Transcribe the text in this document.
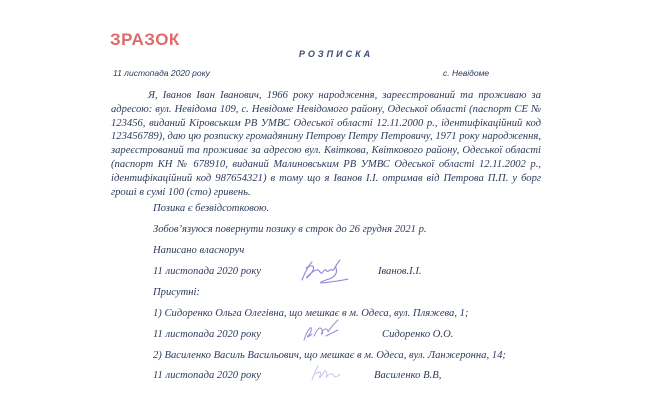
ЗРАЗОК
РОЗПИСКА
11 листопада 2020 року	с. Невідоме
Я, Іванов Іван Іванович, 1966 року народження, зареєстрований та проживаю за адресою: вул. Невідома 109, с. Невідоме Невідомого району, Одеської області (паспорт СЕ № 123456, виданий Кіровським РВ УМВС Одеської області 12.11.2000 р., ідентифікаційний код 123456789), даю цю розписку громадянину Петрову Петру Петровичу, 1971 року народження, зареєстрований та проживає за адресою вул. Квіткова, Квіткового району, Одеської області (паспорт КН № 678910, виданий Малиновським РВ УМВС Одеської області 12.11.2002 р., ідентифікаційний код 987654321) в тому що я Іванов І.І. отримав від Петрова П.П. у борг гроші в сумі 100 (сто) гривень.
Позика є безвідсотковою.
Зобов’язуюся повернути позику в строк до 26 грудня 2021 р.
Написано власноруч
11 листопада 2020 року	Іванов.І.І.
Присутні:
1) Сидоренко Ольга Олегівна, що мешкає в м. Одеса, вул. Пляжева, 1;
11 листопада 2020 року	Сидоренко О.О.
2) Василенко Василь Васильович, що мешкає в м. Одеса, вул. Ланжеронна, 14;
11 листопада 2020 року	Василенко В.В,
